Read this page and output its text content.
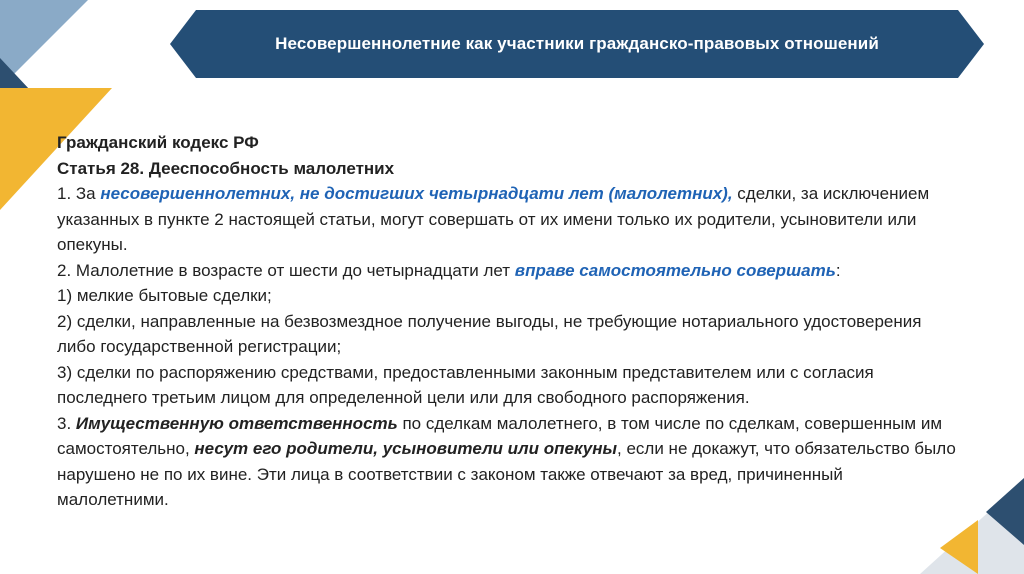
Несовершеннолетние как участники гражданско-правовых отношений

Гражданский кодекс РФ

Статья 28. Дееспособность малолетних

1. За несовершеннолетних, не достигших четырнадцати лет (малолетних), сделки, за исключением указанных в пункте 2 настоящей статьи, могут совершать от их имени только их родители, усыновители или опекуны.

2. Малолетние в возрасте от шести до четырнадцати лет вправе самостоятельно совершать:

1) мелкие бытовые сделки;

2) сделки, направленные на безвозмездное получение выгоды, не требующие нотариального удостоверения либо государственной регистрации;

3) сделки по распоряжению средствами, предоставленными законным представителем или с согласия последнего третьим лицом для определенной цели или для свободного распоряжения.

3. Имущественную ответственность по сделкам малолетнего, в том числе по сделкам, совершенным им самостоятельно, несут его родители, усыновители или опекуны, если не докажут, что обязательство было нарушено не по их вине. Эти лица в соответствии с законом также отвечают за вред, причиненный малолетними.
